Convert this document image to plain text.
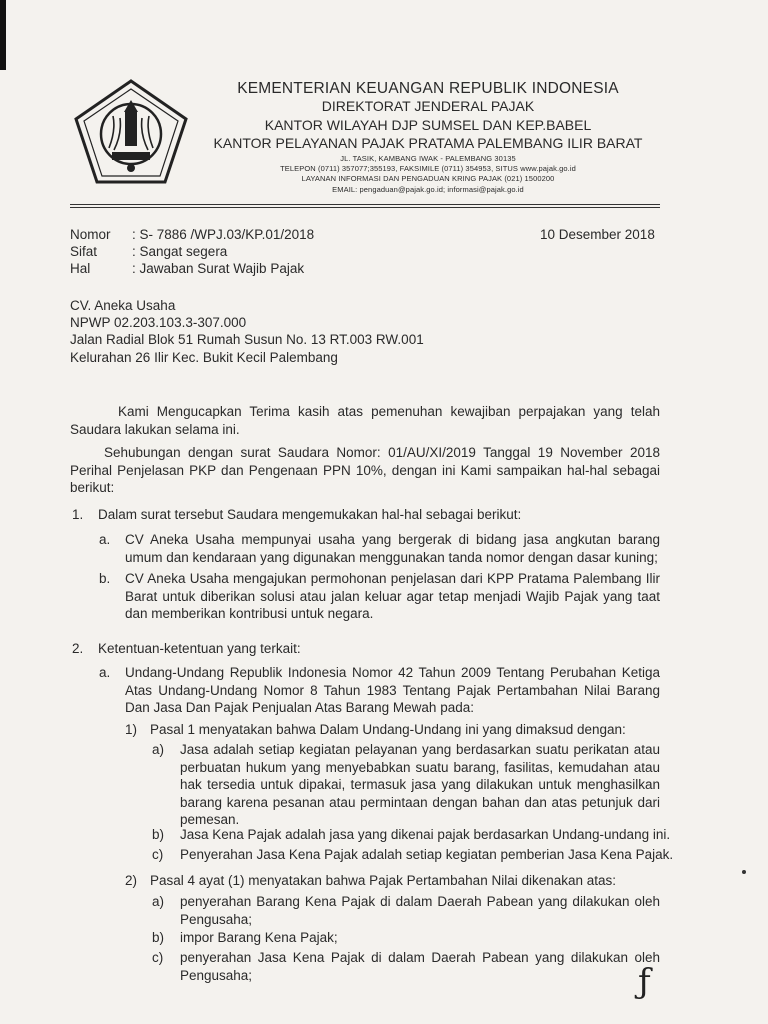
KEMENTERIAN KEUANGAN REPUBLIK INDONESIA
DIREKTORAT JENDERAL PAJAK
KANTOR WILAYAH DJP SUMSEL DAN KEP.BABEL
KANTOR PELAYANAN PAJAK PRATAMA PALEMBANG ILIR BARAT
JL. TASIK, KAMBANG IWAK - PALEMBANG 30135
TELEPON (0711) 357077;355193, FAKSIMILE (0711) 354953, SITUS www.pajak.go.id
LAYANAN INFORMASI DAN PENGADUAN KRING PAJAK (021) 1500200
EMAIL: pengaduan@pajak.go.id; informasi@pajak.go.id
Nomor : S- 7886 /WPJ.03/KP.01/2018	10 Desember 2018
Sifat	: Sangat segera
Hal	: Jawaban Surat Wajib Pajak
CV. Aneka Usaha
NPWP 02.203.103.3-307.000
Jalan Radial Blok 51 Rumah Susun No. 13 RT.003 RW.001
Kelurahan 26 Ilir Kec. Bukit Kecil Palembang
Kami Mengucapkan Terima kasih atas pemenuhan kewajiban perpajakan yang telah Saudara lakukan selama ini.
Sehubungan dengan surat Saudara Nomor: 01/AU/XI/2019 Tanggal 19 November 2018 Perihal Penjelasan PKP dan Pengenaan PPN 10%, dengan ini Kami sampaikan hal-hal sebagai berikut:
1. Dalam surat tersebut Saudara mengemukakan hal-hal sebagai berikut:
a. CV Aneka Usaha mempunyai usaha yang bergerak di bidang jasa angkutan barang umum dan kendaraan yang digunakan menggunakan tanda nomor dengan dasar kuning;
b. CV Aneka Usaha mengajukan permohonan penjelasan dari KPP Pratama Palembang Ilir Barat untuk diberikan solusi atau jalan keluar agar tetap menjadi Wajib Pajak yang taat dan memberikan kontribusi untuk negara.
2. Ketentuan-ketentuan yang terkait:
a. Undang-Undang Republik Indonesia Nomor 42 Tahun 2009 Tentang Perubahan Ketiga Atas Undang-Undang Nomor 8 Tahun 1983 Tentang Pajak Pertambahan Nilai Barang Dan Jasa Dan Pajak Penjualan Atas Barang Mewah pada:
1) Pasal 1 menyatakan bahwa Dalam Undang-Undang ini yang dimaksud dengan:
a) Jasa adalah setiap kegiatan pelayanan yang berdasarkan suatu perikatan atau perbuatan hukum yang menyebabkan suatu barang, fasilitas, kemudahan atau hak tersedia untuk dipakai, termasuk jasa yang dilakukan untuk menghasilkan barang karena pesanan atau permintaan dengan bahan dan atas petunjuk dari pemesan.
b) Jasa Kena Pajak adalah jasa yang dikenai pajak berdasarkan Undang-undang ini.
c) Penyerahan Jasa Kena Pajak adalah setiap kegiatan pemberian Jasa Kena Pajak.
2) Pasal 4 ayat (1) menyatakan bahwa Pajak Pertambahan Nilai dikenakan atas:
a) penyerahan Barang Kena Pajak di dalam Daerah Pabean yang dilakukan oleh Pengusaha;
b) impor Barang Kena Pajak;
c) penyerahan Jasa Kena Pajak di dalam Daerah Pabean yang dilakukan oleh Pengusaha;	ƒ
